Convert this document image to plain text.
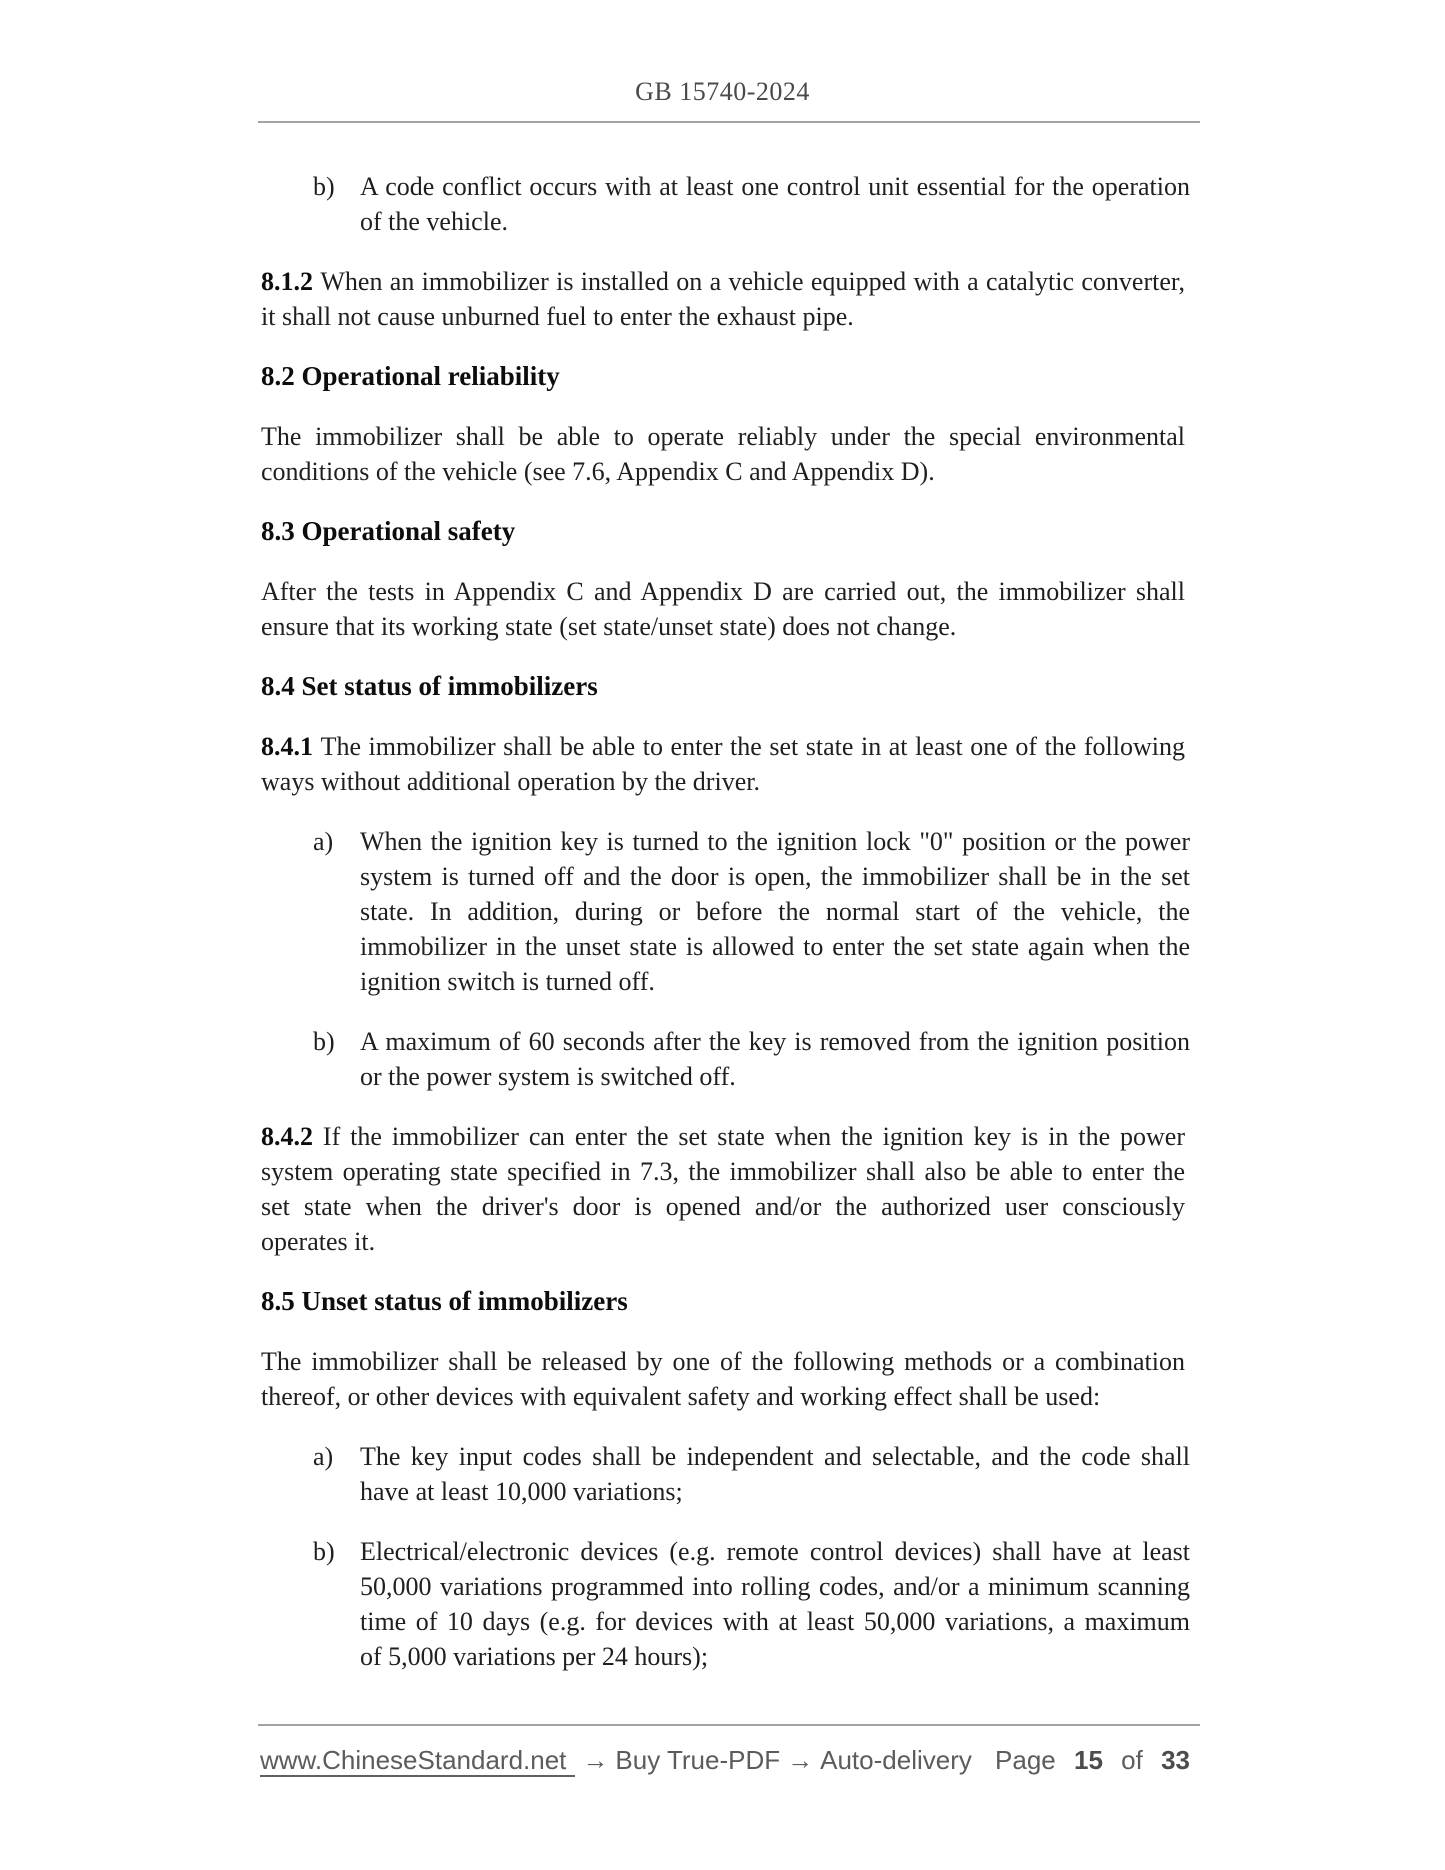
GB 15740-2024
b) A code conflict occurs with at least one control unit essential for the operation
of the vehicle.
8.1.2 When an immobilizer is installed on a vehicle equipped with a catalytic converter,
it shall not cause unburned fuel to enter the exhaust pipe.
8.2 Operational reliability
The immobilizer shall be able to operate reliably under the special environmental
conditions of the vehicle (see 7.6, Appendix C and Appendix D).
8.3 Operational safety
After the tests in Appendix C and Appendix D are carried out, the immobilizer shall
ensure that its working state (set state/unset state) does not change.
8.4 Set status of immobilizers
8.4.1 The immobilizer shall be able to enter the set state in at least one of the following
ways without additional operation by the driver.
a)	When the ignition key is turned to the ignition lock "0" position or the power
system is turned off and the door is open, the immobilizer shall be in the set
state. In addition, during or before the normal start of the vehicle, the
immobilizer in the unset state is allowed to enter the set state again when the
ignition switch is turned off.
b) A maximum of 60 seconds after the key is removed from the ignition position
or the power system is switched off.
8.4.2 If the immobilizer can enter the set state when the ignition key is in the power
system operating state specified in 7.3, the immobilizer shall also be able to enter the
set state when the driver's door is opened and/or the authorized user consciously
operates it.
8.5 Unset status of immobilizers
The immobilizer shall be released by one of the following methods or a combination
thereof, or other devices with equivalent safety and working effect shall be used:
a)	The key input codes shall be independent and selectable, and the code shall
have at least 10,000 variations;
b) Electrical/electronic devices (e.g. remote control devices) shall have at least
50,000 variations programmed into rolling codes, and/or a minimum scanning
time of 10 days (e.g. for devices with at least 50,000 variations, a maximum
of 5,000 variations per 24 hours);
www.ChineseStandard.net → Buy True-PDF → Auto-delivery Page 15 of 33
